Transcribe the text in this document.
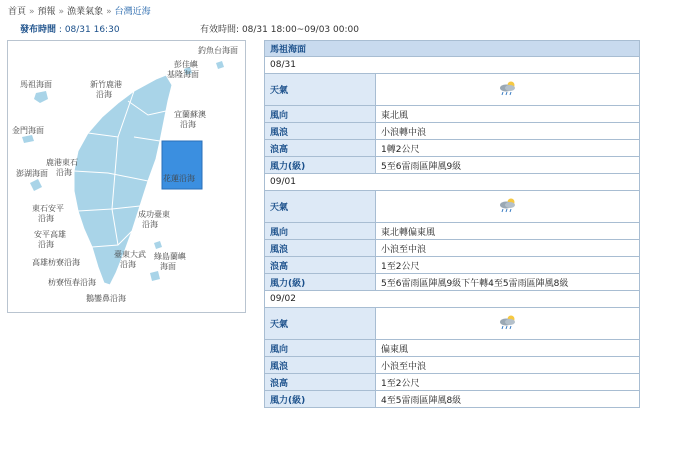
首頁 » 預報 » 漁業氣象 » 台灣近海
發布時間 : 08/31 16:30	有效時間: 08/31 18:00~09/03 00:00
釣魚台海面
彭佳嶼
基隆海面
馬祖海面	新竹鹿港
沿海
宜蘭蘇澳
沿海
金門海面
鹿港東石
澎湖海面 沿海
花蓮沿海
東石安平
沿海	成功臺東
沿海
安平高雄
沿海
臺東大武
沿海
綠島蘭嶼
海面
高雄枋寮沿海
枋寮恆春沿海
鵝鑾鼻沿海
馬祖海面	
08/31	
天氣	
風向	東北風
風浪	小浪轉中浪
浪高	1轉2公尺
風力(級)	5至6雷雨區陣風9級
09/01	
天氣	
風向	東北轉偏東風
風浪	小浪至中浪
浪高	1至2公尺
風力(級)	5至6雷雨區陣風9級下午轉4至5雷雨區陣風8級
09/02	
天氣	
風向	偏東風
風浪	小浪至中浪
浪高	1至2公尺
風力(級)	4至5雷雨區陣風8級
